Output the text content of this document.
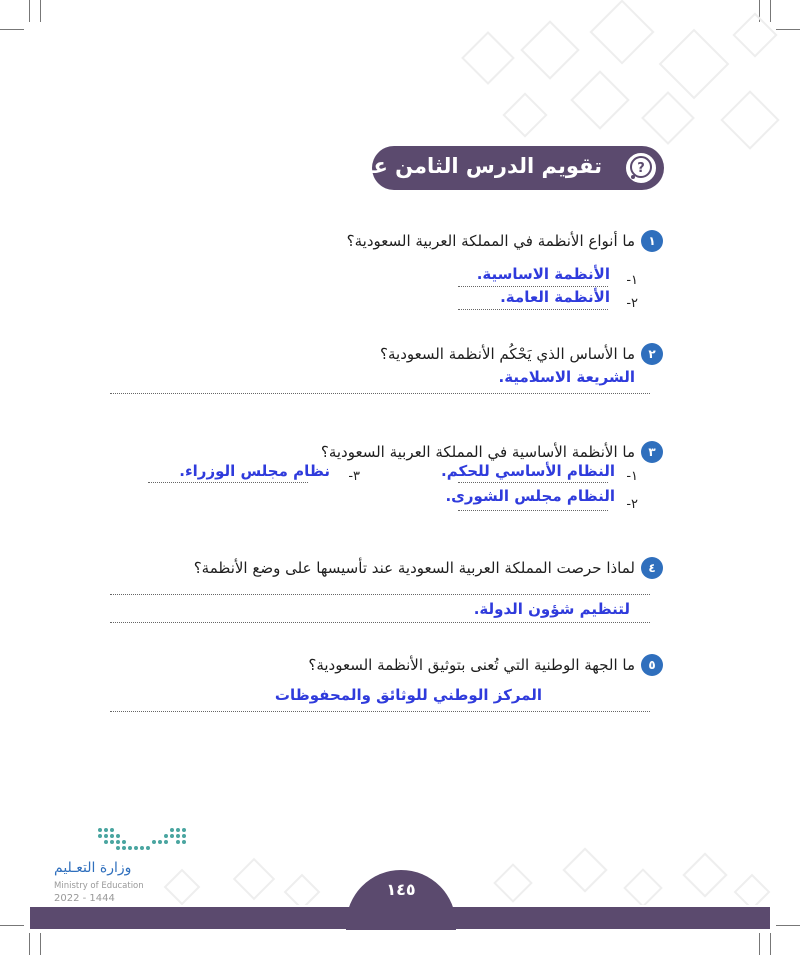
تقويم الدرس الثامن عشر	?
١
ما أنواع الأنظمة في المملكة العربية السعودية؟
١-
الأنظمة الاساسية.
٢-
الأنظمة العامة.
٢
ما الأساس الذي يَحْكُم الأنظمة السعودية؟
الشريعة الاسلامية.
٣
ما الأنظمة الأساسية في المملكة العربية السعودية؟
١-
النظام الأساسي للحكم.
٢-
النظام مجلس الشورى.
٣-
نظام مجلس الوزراء.
٤
لماذا حرصت المملكة العربية السعودية عند تأسيسها على وضع الأنظمة؟
لتنظيم شؤون الدولة.
٥
ما الجهة الوطنية التي تُعنى بتوثيق الأنظمة السعودية؟
المركز الوطني للوثائق والمحفوظات
١٤٥
وزارة التعـليم
Ministry of Education
2022 - 1444
